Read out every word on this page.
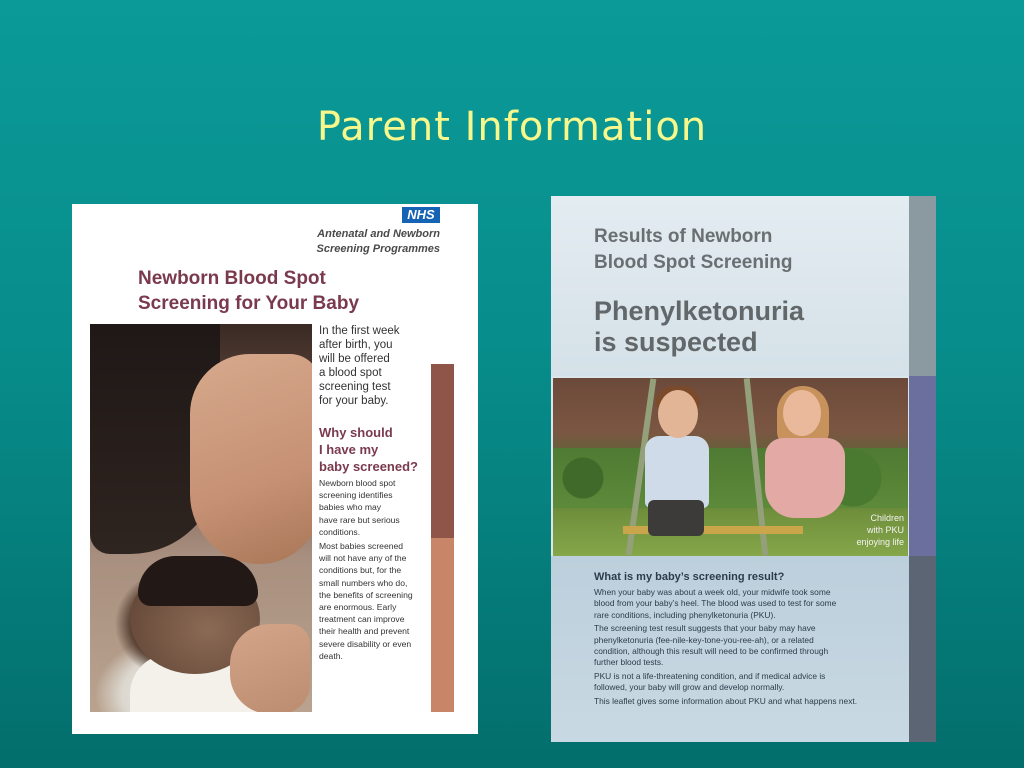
Parent Information
NHS
Antenatal and Newborn
Screening Programmes
Newborn Blood Spot
Screening for Your Baby
In the first week
after birth, you
will be offered
a blood spot
screening test
for your baby.
Why should
I have my
baby screened?

Newborn blood spot
screening identifies
babies who may
have rare but serious
conditions.

Most babies screened
will not have any of the
conditions but, for the
small numbers who do,
the benefits of screening
are enormous. Early
treatment can improve
their health and prevent
severe disability or even
death.

Results of Newborn
Blood Spot Screening
Phenylketonuria
is suspected
Children
with PKU
enjoying life
What is my baby’s screening result?

When your baby was about a week old, your midwife took some
blood from your baby’s heel. The blood was used to test for some
rare conditions, including phenylketonuria (PKU).

The screening test result suggests that your baby may have
phenylketonuria (fee-nile-key-tone-you-ree-ah), or a related
condition, although this result will need to be confirmed through
further blood tests.

PKU is not a life-threatening condition, and if medical advice is
followed, your baby will grow and develop normally.

This leaflet gives some information about PKU and what happens next.
